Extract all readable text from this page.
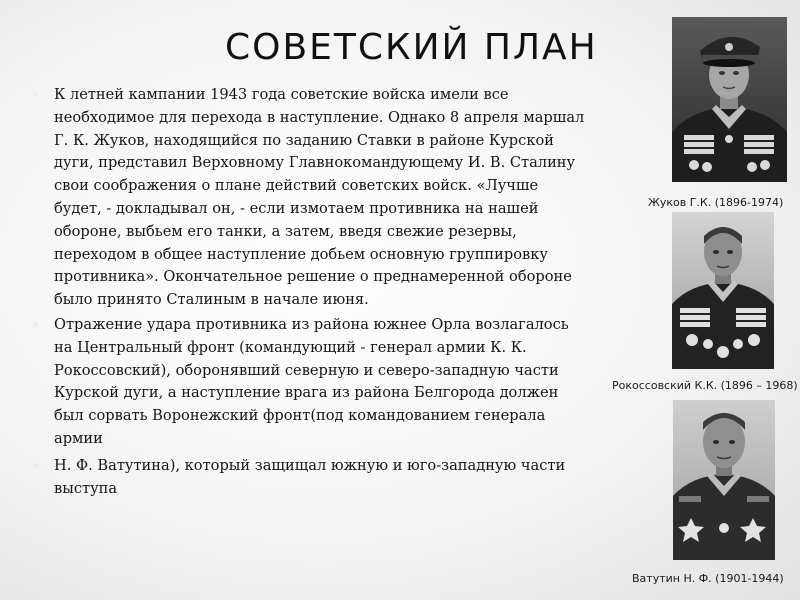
СОВЕТСКИЙ ПЛАН
◦ К летней кампании 1943 года советские войска имели все необходимое для перехода в наступление. Однако 8 апреля маршал Г. К. Жуков, находящийся по заданию Ставки в районе Курской дуги, представил Верховному Главнокомандующему И. В. Сталину свои соображения о плане действий советских войск. «Лучше будет, - докладывал он, - если измотаем противника на нашей обороне, выбьем его танки, а затем, введя свежие резервы, переходом в общее наступление добьем основную группировку противника». Окончательное решение о преднамеренной обороне было принято Сталиным в начале июня.
◦ Отражение удара противника из района южнее Орла возлагалось на Центральный фронт (командующий - генерал армии К. К. Рокоссовский), оборонявший северную и северо-западную части Курской дуги, а наступление врага из района Белгорода должен был сорвать Воронежский фронт(под командованием генерала армии
◦ Н. Ф. Ватутина), который защищал южную и юго-западную части выступа
Жуков Г.К. (1896-1974)
Рокоссовский К.К. (1896 – 1968)
Ватутин Н. Ф. (1901-1944)
